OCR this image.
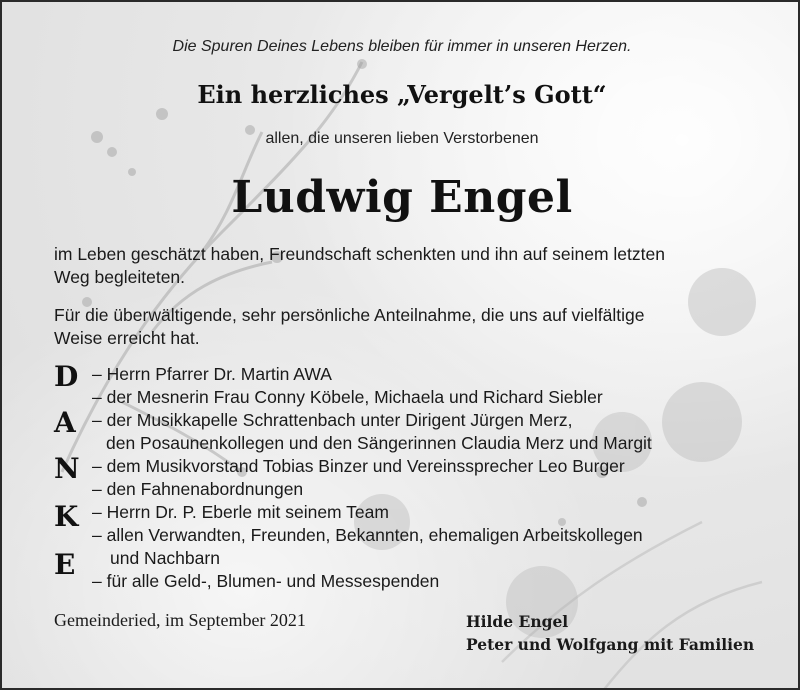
Die Spuren Deines Lebens bleiben für immer in unseren Herzen.
Ein herzliches „Vergelt’s Gott“
allen, die unseren lieben Verstorbenen
Ludwig Engel

im Leben geschätzt haben, Freundschaft schenkten und ihn auf seinem letzten

Weg begleiteten.

Für die überwältigende, sehr persönliche Anteilnahme, die uns auf vielfältige

Weise erreicht hat.

D
A
N
K
E
– Herrn Pfarrer Dr. Martin AWA
– der Mesnerin Frau Conny Köbele, Michaela und Richard Siebler
– der Musikkapelle Schrattenbach unter Dirigent Jürgen Merz,
den Posaunenkollegen und den Sängerinnen Claudia Merz und Margit
– dem Musikvorstand Tobias Binzer und Vereinssprecher Leo Burger
– den Fahnenabordnungen
– Herrn Dr. P. Eberle mit seinem Team
– allen Verwandten, Freunden, Bekannten, ehemaligen Arbeitskollegen
und Nachbarn
– für alle Geld-, Blumen- und Messespenden
Gemeinderied, im September 2021	Hilde Engel
Peter und Wolfgang mit Familien
